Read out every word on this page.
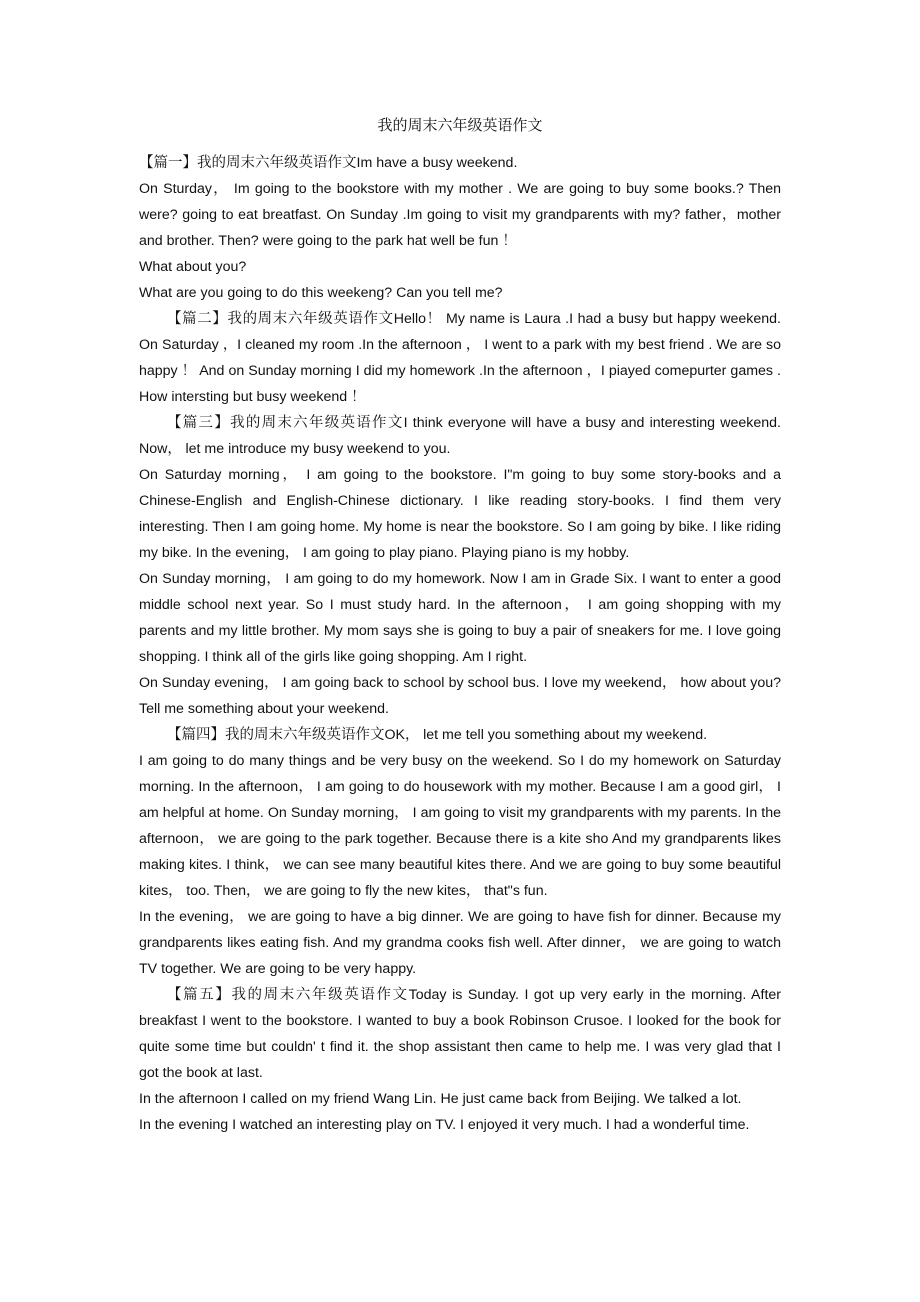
我的周末六年级英语作文

【篇一】我的周末六年级英语作文Im have a busy weekend.

On Sturday， Im going to the bookstore with my mother . We are going to buy some books.? Then were? going to eat breatfast. On Sunday .Im going to visit my grandparents with my? father，mother and brother. Then? were going to the park hat well be fun ！

What about you?

What are you going to do this weekeng? Can you tell me?

【篇二】我的周末六年级英语作文Hello！ My name is Laura .I had a busy but happy weekend. On Saturday ，I cleaned my room .In the afternoon ， I went to a park with my best friend . We are so happy ！ And on Sunday morning I did my homework .In the afternoon ，I piayed comepurter games . How intersting but busy weekend ！

【篇三】我的周末六年级英语作文I think everyone will have a busy and interesting weekend. Now， let me introduce my busy weekend to you.

On Saturday morning， I am going to the bookstore. I"m going to buy some story-books and a Chinese-English and English-Chinese dictionary. I like reading story-books. I find them very interesting. Then I am going home. My home is near the bookstore. So I am going by bike. I like riding my bike. In the evening， I am going to play piano. Playing piano is my hobby.

On Sunday morning， I am going to do my homework. Now I am in Grade Six. I want to enter a good middle school next year. So I must study hard. In the afternoon， I am going shopping with my parents and my little brother. My mom says she is going to buy a pair of sneakers for me. I love going shopping. I think all of the girls like going shopping. Am I right.

On Sunday evening， I am going back to school by school bus. I love my weekend， how about you? Tell me something about your weekend.

【篇四】我的周末六年级英语作文OK， let me tell you something about my weekend.

I am going to do many things and be very busy on the weekend. So I do my homework on Saturday morning. In the afternoon， I am going to do housework with my mother. Because I am a good girl， I am helpful at home. On Sunday morning， I am going to visit my grandparents with my parents. In the afternoon， we are going to the park together. Because there is a kite sho And my grandparents likes making kites. I think， we can see many beautiful kites there. And we are going to buy some beautiful kites， too. Then， we are going to fly the new kites， that"s fun.

In the evening， we are going to have a big dinner. We are going to have fish for dinner. Because my grandparents likes eating fish. And my grandma cooks fish well. After dinner， we are going to watch TV together. We are going to be very happy.

【篇五】我的周末六年级英语作文Today is Sunday. I got up very early in the morning. After breakfast I went to the bookstore. I wanted to buy a book Robinson Crusoe. I looked for the book for quite some time but couldn' t find it. the shop assistant then came to help me. I was very glad that I got the book at last.

In the afternoon I called on my friend Wang Lin. He just came back from Beijing. We talked a lot.

In the evening I watched an interesting play on TV. I enjoyed it very much. I had a wonderful time.
